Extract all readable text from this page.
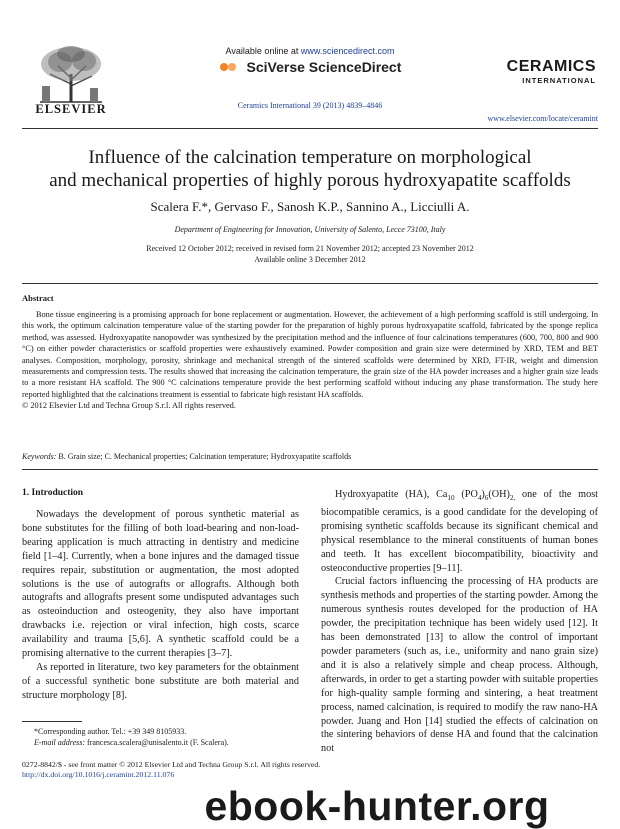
ELSEVIER
Available online at www.sciencedirect.com
SciVerse ScienceDirect
Ceramics International 39 (2013) 4839–4846
CERAMICS
INTERNATIONAL
www.elsevier.com/locate/ceramint
Influence of the calcination temperature on morphological
and mechanical properties of highly porous hydroxyapatite scaffolds
Scalera F.*, Gervaso F., Sanosh K.P., Sannino A., Licciulli A.
Department of Engineering for Innovation, University of Salento, Lecce 73100, Italy
Received 12 October 2012; received in revised form 21 November 2012; accepted 23 November 2012
Available online 3 December 2012
Abstract

Bone tissue engineering is a promising approach for bone replacement or augmentation. However, the achievement of a high performing scaffold is still undergoing. In this work, the optimum calcination temperature value of the starting powder for the preparation of highly porous hydroxyapatite scaffold, fabricated by the sponge replica method, was assessed. Hydroxyapatite nanopowder was synthesized by the precipitation method and the influence of four calcinations temperatures (600, 700, 800 and 900 °C) on either powder characteristics or scaffold properties were exhaustively examined. Powder composition and grain size were determined by XRD, TEM and BET analyses. Composition, morphology, porosity, shrinkage and mechanical strength of the sintered scaffolds were determined by XRD, FT-IR, weight and dimension measurements and compression tests. The results showed that increasing the calcination temperature, the grain size of the HA powder increases and a higher grain size leads to a more resistant HA scaffold. The 900 °C calcinations temperature provide the best performing scaffold without inducing any phase transformation. The study here reported highlighted that the calcinations treatment is essential to fabricate high resistant HA scaffolds.

© 2012 Elsevier Ltd and Techna Group S.r.l. All rights reserved.

Keywords: B. Grain size; C. Mechanical properties; Calcination temperature; Hydroxyapatite scaffolds
1. Introduction

Nowadays the development of porous synthetic material as bone substitutes for the filling of both load-bearing and non-load-bearing application is much attracting in dentistry and medicine field [1–4]. Currently, when a bone injures and the damaged tissue requires repair, substitution or augmentation, the most adopted solutions is the use of autografts or allografts. Although both autografts and allografts present some undisputed advantages such as osteoinduction and osteogenity, they also have important drawbacks i.e. rejection or viral infection, high costs, scarce availability and trauma [5,6]. A synthetic scaffold could be a promising alternative to the current therapies [3–7].

As reported in literature, two key parameters for the obtainment of a successful synthetic bone substitute are both material and structure morphology [8].

Hydroxyapatite (HA), $Ca_{10}$ $(PO_4)_6(OH)_{2,}$ one of the most biocompatible ceramics, is a good candidate for the developing of promising synthetic scaffolds because its significant chemical and physical resemblance to the mineral constituents of human bones and teeth. It has excellent biocompatibility, bioactivity and osteoconductive properties [9–11].

Crucial factors influencing the processing of HA products are synthesis methods and properties of the starting powder. Among the numerous synthesis routes developed for the production of HA powder, the precipitation technique has been widely used [12]. It has been demonstrated [13] to allow the control of important powder parameters (such as, i.e., uniformity and nano grain size) and it is also a relatively simple and cheap process. Although, afterwards, in order to get a starting powder with suitable properties for high-quality sample forming and sintering, a heat treatment process, named calcination, is required to modify the raw nano-HA powder. Juang and Hon [14] studied the effects of calcination on the sintering behaviors of dense HA and found that the calcination not

*Corresponding author. Tel.: +39 349 8105933.
E-mail address: francesca.scalera@unisalento.it (F. Scalera).
0272-8842/$ - see front matter © 2012 Elsevier Ltd and Techna Group S.r.l. All rights reserved.
http://dx.doi.org/10.1016/j.ceramint.2012.11.076
ebook-hunter.org
